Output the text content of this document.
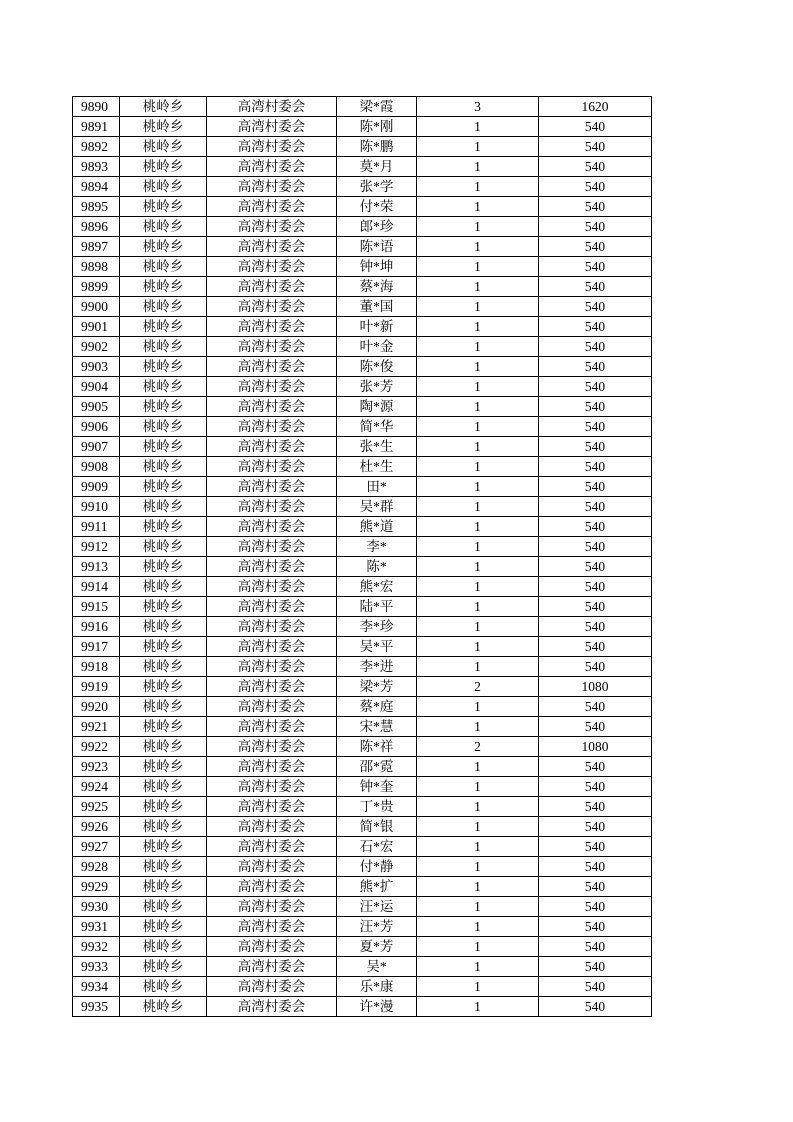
9890	桃岭乡	高湾村委会	梁*霞	3	1620
9891	桃岭乡	高湾村委会	陈*刚	1	540
9892	桃岭乡	高湾村委会	陈*鹏	1	540
9893	桃岭乡	高湾村委会	莫*月	1	540
9894	桃岭乡	高湾村委会	张*学	1	540
9895	桃岭乡	高湾村委会	付*荣	1	540
9896	桃岭乡	高湾村委会	郎*珍	1	540
9897	桃岭乡	高湾村委会	陈*语	1	540
9898	桃岭乡	高湾村委会	钟*坤	1	540
9899	桃岭乡	高湾村委会	蔡*海	1	540
9900	桃岭乡	高湾村委会	董*国	1	540
9901	桃岭乡	高湾村委会	叶*新	1	540
9902	桃岭乡	高湾村委会	叶*金	1	540
9903	桃岭乡	高湾村委会	陈*俊	1	540
9904	桃岭乡	高湾村委会	张*芳	1	540
9905	桃岭乡	高湾村委会	陶*源	1	540
9906	桃岭乡	高湾村委会	简*华	1	540
9907	桃岭乡	高湾村委会	张*生	1	540
9908	桃岭乡	高湾村委会	杜*生	1	540
9909	桃岭乡	高湾村委会	田*	1	540
9910	桃岭乡	高湾村委会	吴*群	1	540
9911	桃岭乡	高湾村委会	熊*道	1	540
9912	桃岭乡	高湾村委会	李*	1	540
9913	桃岭乡	高湾村委会	陈*	1	540
9914	桃岭乡	高湾村委会	熊*宏	1	540
9915	桃岭乡	高湾村委会	陆*平	1	540
9916	桃岭乡	高湾村委会	李*珍	1	540
9917	桃岭乡	高湾村委会	吴*平	1	540
9918	桃岭乡	高湾村委会	李*进	1	540
9919	桃岭乡	高湾村委会	梁*芳	2	1080
9920	桃岭乡	高湾村委会	蔡*庭	1	540
9921	桃岭乡	高湾村委会	宋*慧	1	540
9922	桃岭乡	高湾村委会	陈*祥	2	1080
9923	桃岭乡	高湾村委会	邵*霓	1	540
9924	桃岭乡	高湾村委会	钟*奎	1	540
9925	桃岭乡	高湾村委会	丁*贵	1	540
9926	桃岭乡	高湾村委会	简*银	1	540
9927	桃岭乡	高湾村委会	石*宏	1	540
9928	桃岭乡	高湾村委会	付*静	1	540
9929	桃岭乡	高湾村委会	熊*扩	1	540
9930	桃岭乡	高湾村委会	汪*运	1	540
9931	桃岭乡	高湾村委会	汪*芳	1	540
9932	桃岭乡	高湾村委会	夏*芳	1	540
9933	桃岭乡	高湾村委会	吴*	1	540
9934	桃岭乡	高湾村委会	乐*康	1	540
9935	桃岭乡	高湾村委会	许*漫	1	540
